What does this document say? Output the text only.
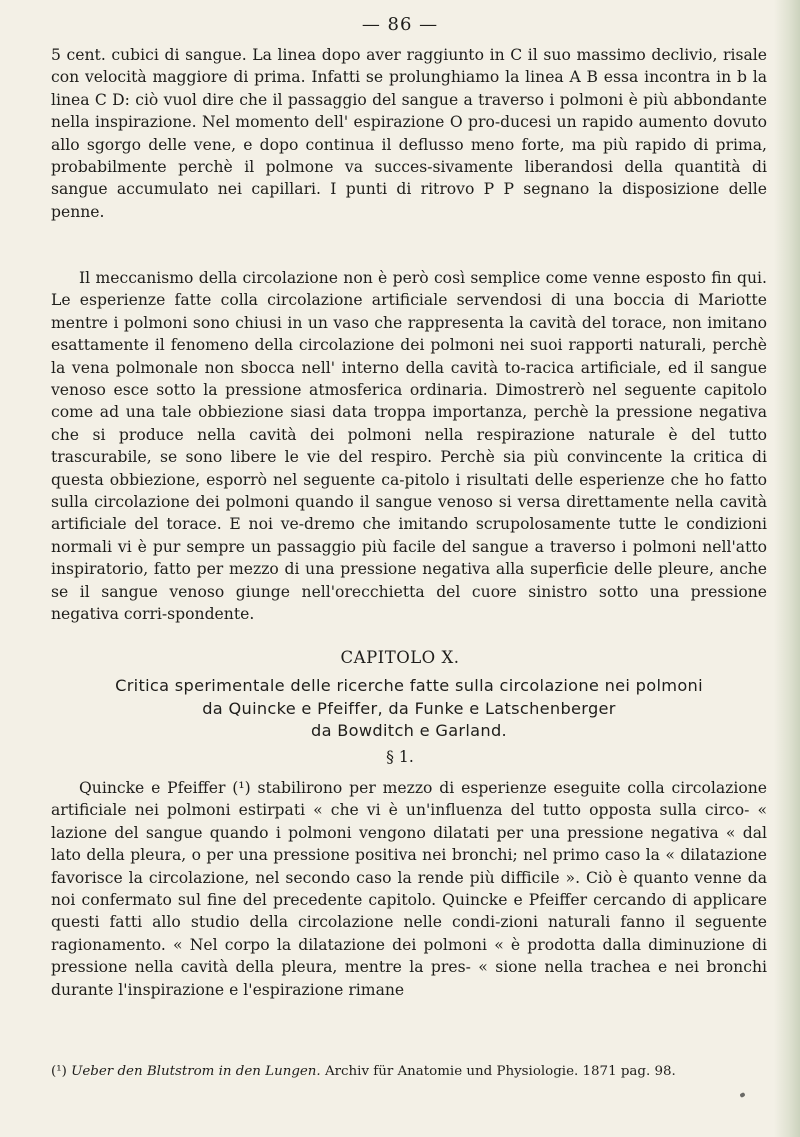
— 86 —

5 cent. cubici di sangue. La linea dopo aver raggiunto in C il suo massimo declivio, risale con velocità maggiore di prima. Infatti se prolunghiamo la linea A B essa incontra in b la linea C D: ciò vuol dire che il passaggio del sangue a traverso i polmoni è più abbondante nella inspirazione. Nel momento dell' espirazione O pro-ducesi un rapido aumento dovuto allo sgorgo delle vene, e dopo continua il deflusso meno forte, ma più rapido di prima, probabilmente perchè il polmone va succes-sivamente liberandosi della quantità di sangue accumulato nei capillari. I punti di ritrovo P P segnano la disposizione delle penne.

Il meccanismo della circolazione non è però così semplice come venne esposto fin qui. Le esperienze fatte colla circolazione artificiale servendosi di una boccia di Mariotte mentre i polmoni sono chiusi in un vaso che rappresenta la cavità del torace, non imitano esattamente il fenomeno della circolazione dei polmoni nei suoi rapporti naturali, perchè la vena polmonale non sbocca nell' interno della cavità to-racica artificiale, ed il sangue venoso esce sotto la pressione atmosferica ordinaria. Dimostrerò nel seguente capitolo come ad una tale obbiezione siasi data troppa importanza, perchè la pressione negativa che si produce nella cavità dei polmoni nella respirazione naturale è del tutto trascurabile, se sono libere le vie del respiro. Perchè sia più convincente la critica di questa obbiezione, esporrò nel seguente ca-pitolo i risultati delle esperienze che ho fatto sulla circolazione dei polmoni quando il sangue venoso si versa direttamente nella cavità artificiale del torace. E noi ve-dremo che imitando scrupolosamente tutte le condizioni normali vi è pur sempre un passaggio più facile del sangue a traverso i polmoni nell'atto inspiratorio, fatto per mezzo di una pressione negativa alla superficie delle pleure, anche se il sangue venoso giunge nell'orecchietta del cuore sinistro sotto una pressione negativa corri-spondente.

CAPITOLO X.
Critica sperimentale delle ricerche fatte sulla circolazione nei polmoni
da Quincke e Pfeiffer, da Funke e Latschenberger
da Bowditch e Garland.
§ 1.

Quincke e Pfeiffer (¹) stabilirono per mezzo di esperienze eseguite colla circolazione artificiale nei polmoni estirpati « che vi è un'influenza del tutto opposta sulla circo- « lazione del sangue quando i polmoni vengono dilatati per una pressione negativa « dal lato della pleura, o per una pressione positiva nei bronchi; nel primo caso la « dilatazione favorisce la circolazione, nel secondo caso la rende più difficile ». Ciò è quanto venne da noi confermato sul fine del precedente capitolo. Quincke e Pfeiffer cercando di applicare questi fatti allo studio della circolazione nelle condi-zioni naturali fanno il seguente ragionamento. « Nel corpo la dilatazione dei polmoni « è prodotta dalla diminuzione di pressione nella cavità della pleura, mentre la pres- « sione nella trachea e nei bronchi durante l'inspirazione e l'espirazione rimane

(¹) Ueber den Blutstrom in den Lungen. Archiv für Anatomie und Physiologie. 1871 pag. 98.
